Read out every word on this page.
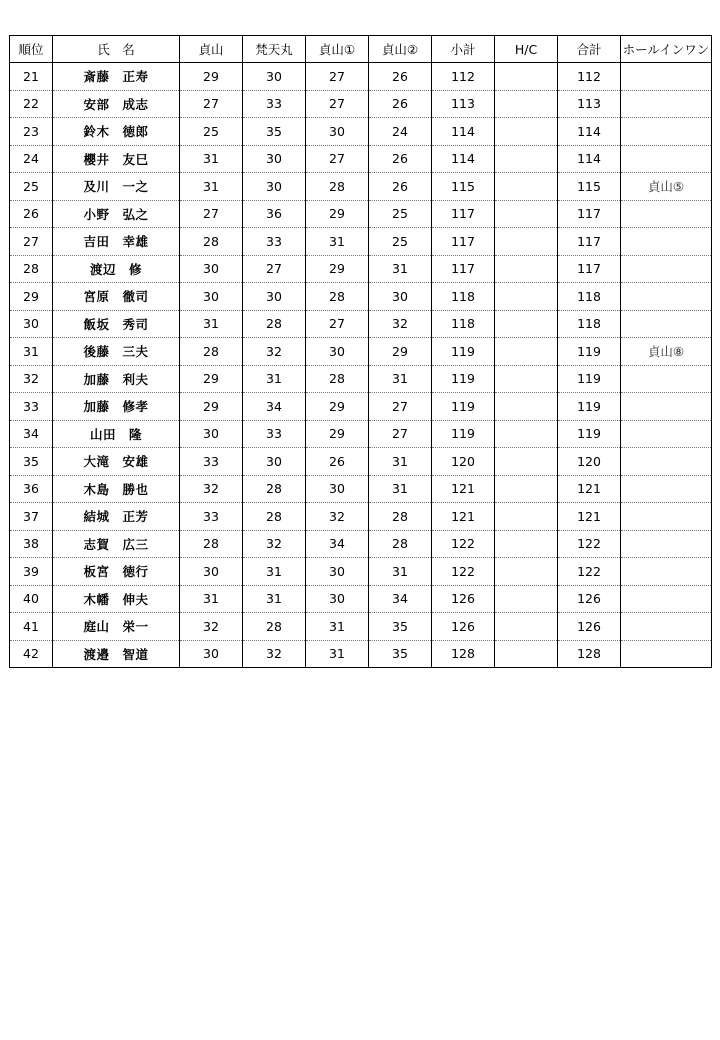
順位	氏　名	貞山	梵天丸	貞山①	貞山②	小計	H/C	合計	ホールインワン
21	斎藤　正寿	29	30	27	26	112		112	
22	安部　成志	27	33	27	26	113		113	
23	鈴木　徳郎	25	35	30	24	114		114	
24	櫻井　友巳	31	30	27	26	114		114	
25	及川　一之	31	30	28	26	115		115	貞山⑤
26	小野　弘之	27	36	29	25	117		117	
27	吉田　幸雄	28	33	31	25	117		117	
28	渡辺　修	30	27	29	31	117		117	
29	宮原　徹司	30	30	28	30	118		118	
30	飯坂　秀司	31	28	27	32	118		118	
31	後藤　三夫	28	32	30	29	119		119	貞山⑧
32	加藤　利夫	29	31	28	31	119		119	
33	加藤　修孝	29	34	29	27	119		119	
34	山田　隆	30	33	29	27	119		119	
35	大滝　安雄	33	30	26	31	120		120	
36	木島　勝也	32	28	30	31	121		121	
37	結城　正芳	33	28	32	28	121		121	
38	志賀　広三	28	32	34	28	122		122	
39	板宮　徳行	30	31	30	31	122		122	
40	木幡　伸夫	31	31	30	34	126		126	
41	庭山　栄一	32	28	31	35	126		126	
42	渡邉　智道	30	32	31	35	128		128	
